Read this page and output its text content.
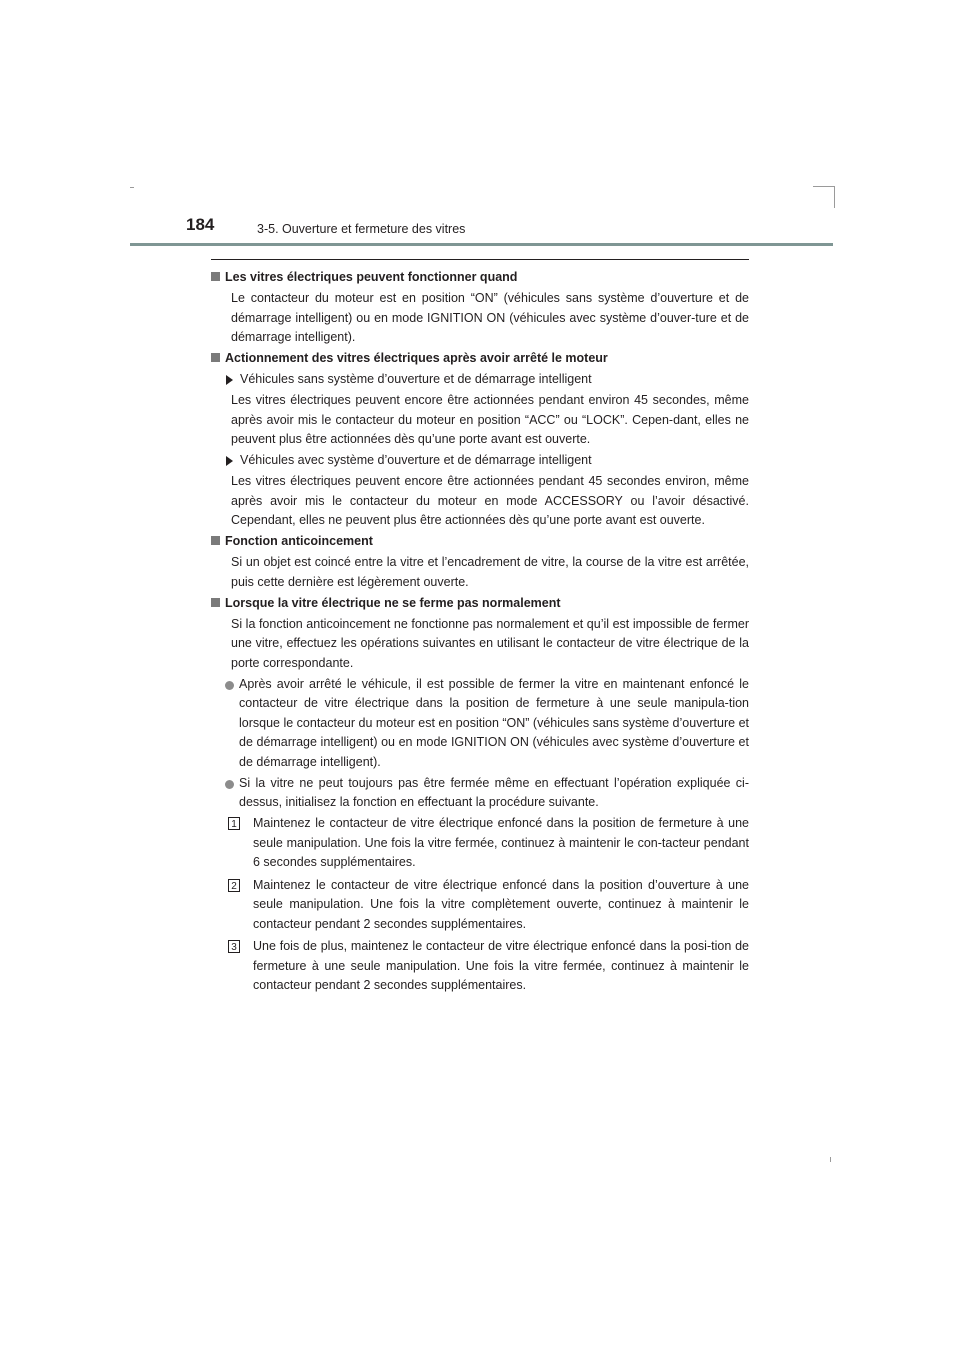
184	3-5. Ouverture et fermeture des vitres
Les vitres électriques peuvent fonctionner quand
Le contacteur du moteur est en position “ON” (véhicules sans système d’ouverture et de démarrage intelligent) ou en mode IGNITION ON (véhicules avec système d’ouver-ture et de démarrage intelligent).
Actionnement des vitres électriques après avoir arrêté le moteur
Véhicules sans système d’ouverture et de démarrage intelligent
Les vitres électriques peuvent encore être actionnées pendant environ 45 secondes, même après avoir mis le contacteur du moteur en position “ACC” ou “LOCK”. Cepen-dant, elles ne peuvent plus être actionnées dès qu’une porte avant est ouverte.
Véhicules avec système d’ouverture et de démarrage intelligent
Les vitres électriques peuvent encore être actionnées pendant 45 secondes environ, même après avoir mis le contacteur du moteur en mode ACCESSORY ou l’avoir désactivé. Cependant, elles ne peuvent plus être actionnées dès qu’une porte avant est ouverte.
Fonction anticoincement
Si un objet est coincé entre la vitre et l’encadrement de vitre, la course de la vitre est arrêtée, puis cette dernière est légèrement ouverte.
Lorsque la vitre électrique ne se ferme pas normalement
Si la fonction anticoincement ne fonctionne pas normalement et qu’il est impossible de fermer une vitre, effectuez les opérations suivantes en utilisant le contacteur de vitre électrique de la porte correspondante.
Après avoir arrêté le véhicule, il est possible de fermer la vitre en maintenant enfoncé le contacteur de vitre électrique dans la position de fermeture à une seule manipula-tion lorsque le contacteur du moteur est en position “ON” (véhicules sans système d’ouverture et de démarrage intelligent) ou en mode IGNITION ON (véhicules avec système d’ouverture et de démarrage intelligent).
Si la vitre ne peut toujours pas être fermée même en effectuant l’opération expliquée ci-dessus, initialisez la fonction en effectuant la procédure suivante.
1 Maintenez le contacteur de vitre électrique enfoncé dans la position de fermeture à une seule manipulation. Une fois la vitre fermée, continuez à maintenir le con-tacteur pendant 6 secondes supplémentaires.
2 Maintenez le contacteur de vitre électrique enfoncé dans la position d’ouverture à une seule manipulation. Une fois la vitre complètement ouverte, continuez à maintenir le contacteur pendant 2 secondes supplémentaires.
3 Une fois de plus, maintenez le contacteur de vitre électrique enfoncé dans la posi-tion de fermeture à une seule manipulation. Une fois la vitre fermée, continuez à maintenir le contacteur pendant 2 secondes supplémentaires.
